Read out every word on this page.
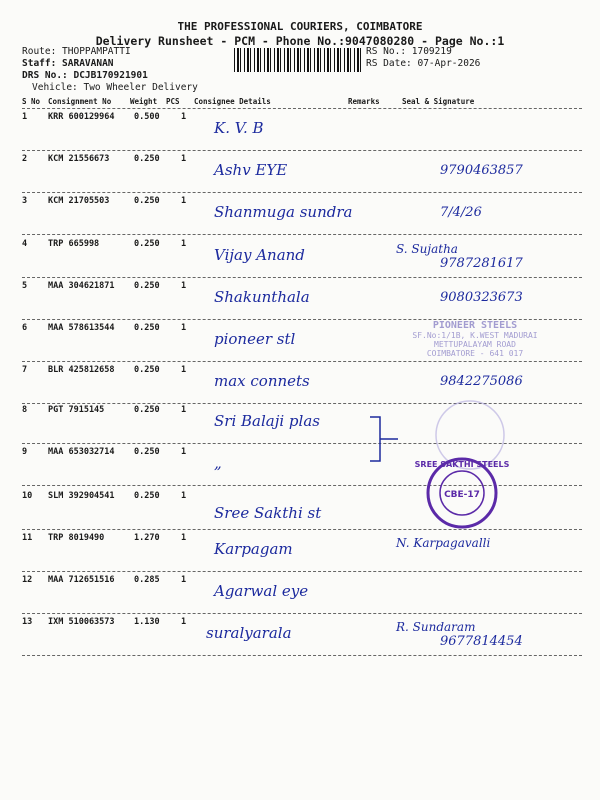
THE PROFESSIONAL COURIERS, COIMBATORE
Delivery Runsheet - PCM - Phone No.:9047080280 - Page No.:1
Route: THOPPAMPATTI
Staff: SARAVANAN
DRS No.: DCJB170921901
Vehicle: Two Wheeler Delivery
RS No.: 1709219
RS Date: 07-Apr-2026
S No Consignment No	Weight PCS Consignee Details	Remarks	Seal & Signature
1 KRR 600129964 0.500	1
K. V. B
2 KCM 21556673	0.250	1
Ashv EYE	9790463857
3 KCM 21705503	0.250	1
Shanmuga sundra	7/4/26
4 TRP 665998	0.250	1
Vijay Anand	S. Sujatha
9787281617
5 MAA 304621871 0.250	1
Shakunthala	9080323673
6 MAA 578613544 0.250	1
pioneer stl
7 BLR 425812658 0.250	1
max connets	9842275086
8 PGT 7915145	0.250	1
Sri Balaji plas
9 MAA 653032714 0.250	1
„
10 SLM 392904541 0.250	1
Sree Sakthi st
11 TRP 8019490	1.270	1
Karpagam	N. Karpagavalli
12 MAA 712651516 0.285	1
Agarwal eye
13 IXM 510063573 1.130	1
suralyarala	R. Sundaram
9677814454
PIONEER STEELS
SF.No:1/1B, K.WEST MADURAI
METTUPALAYAM ROAD
COIMBATORE - 641 017
SREE SAKTHI STEELS
CBE-17
